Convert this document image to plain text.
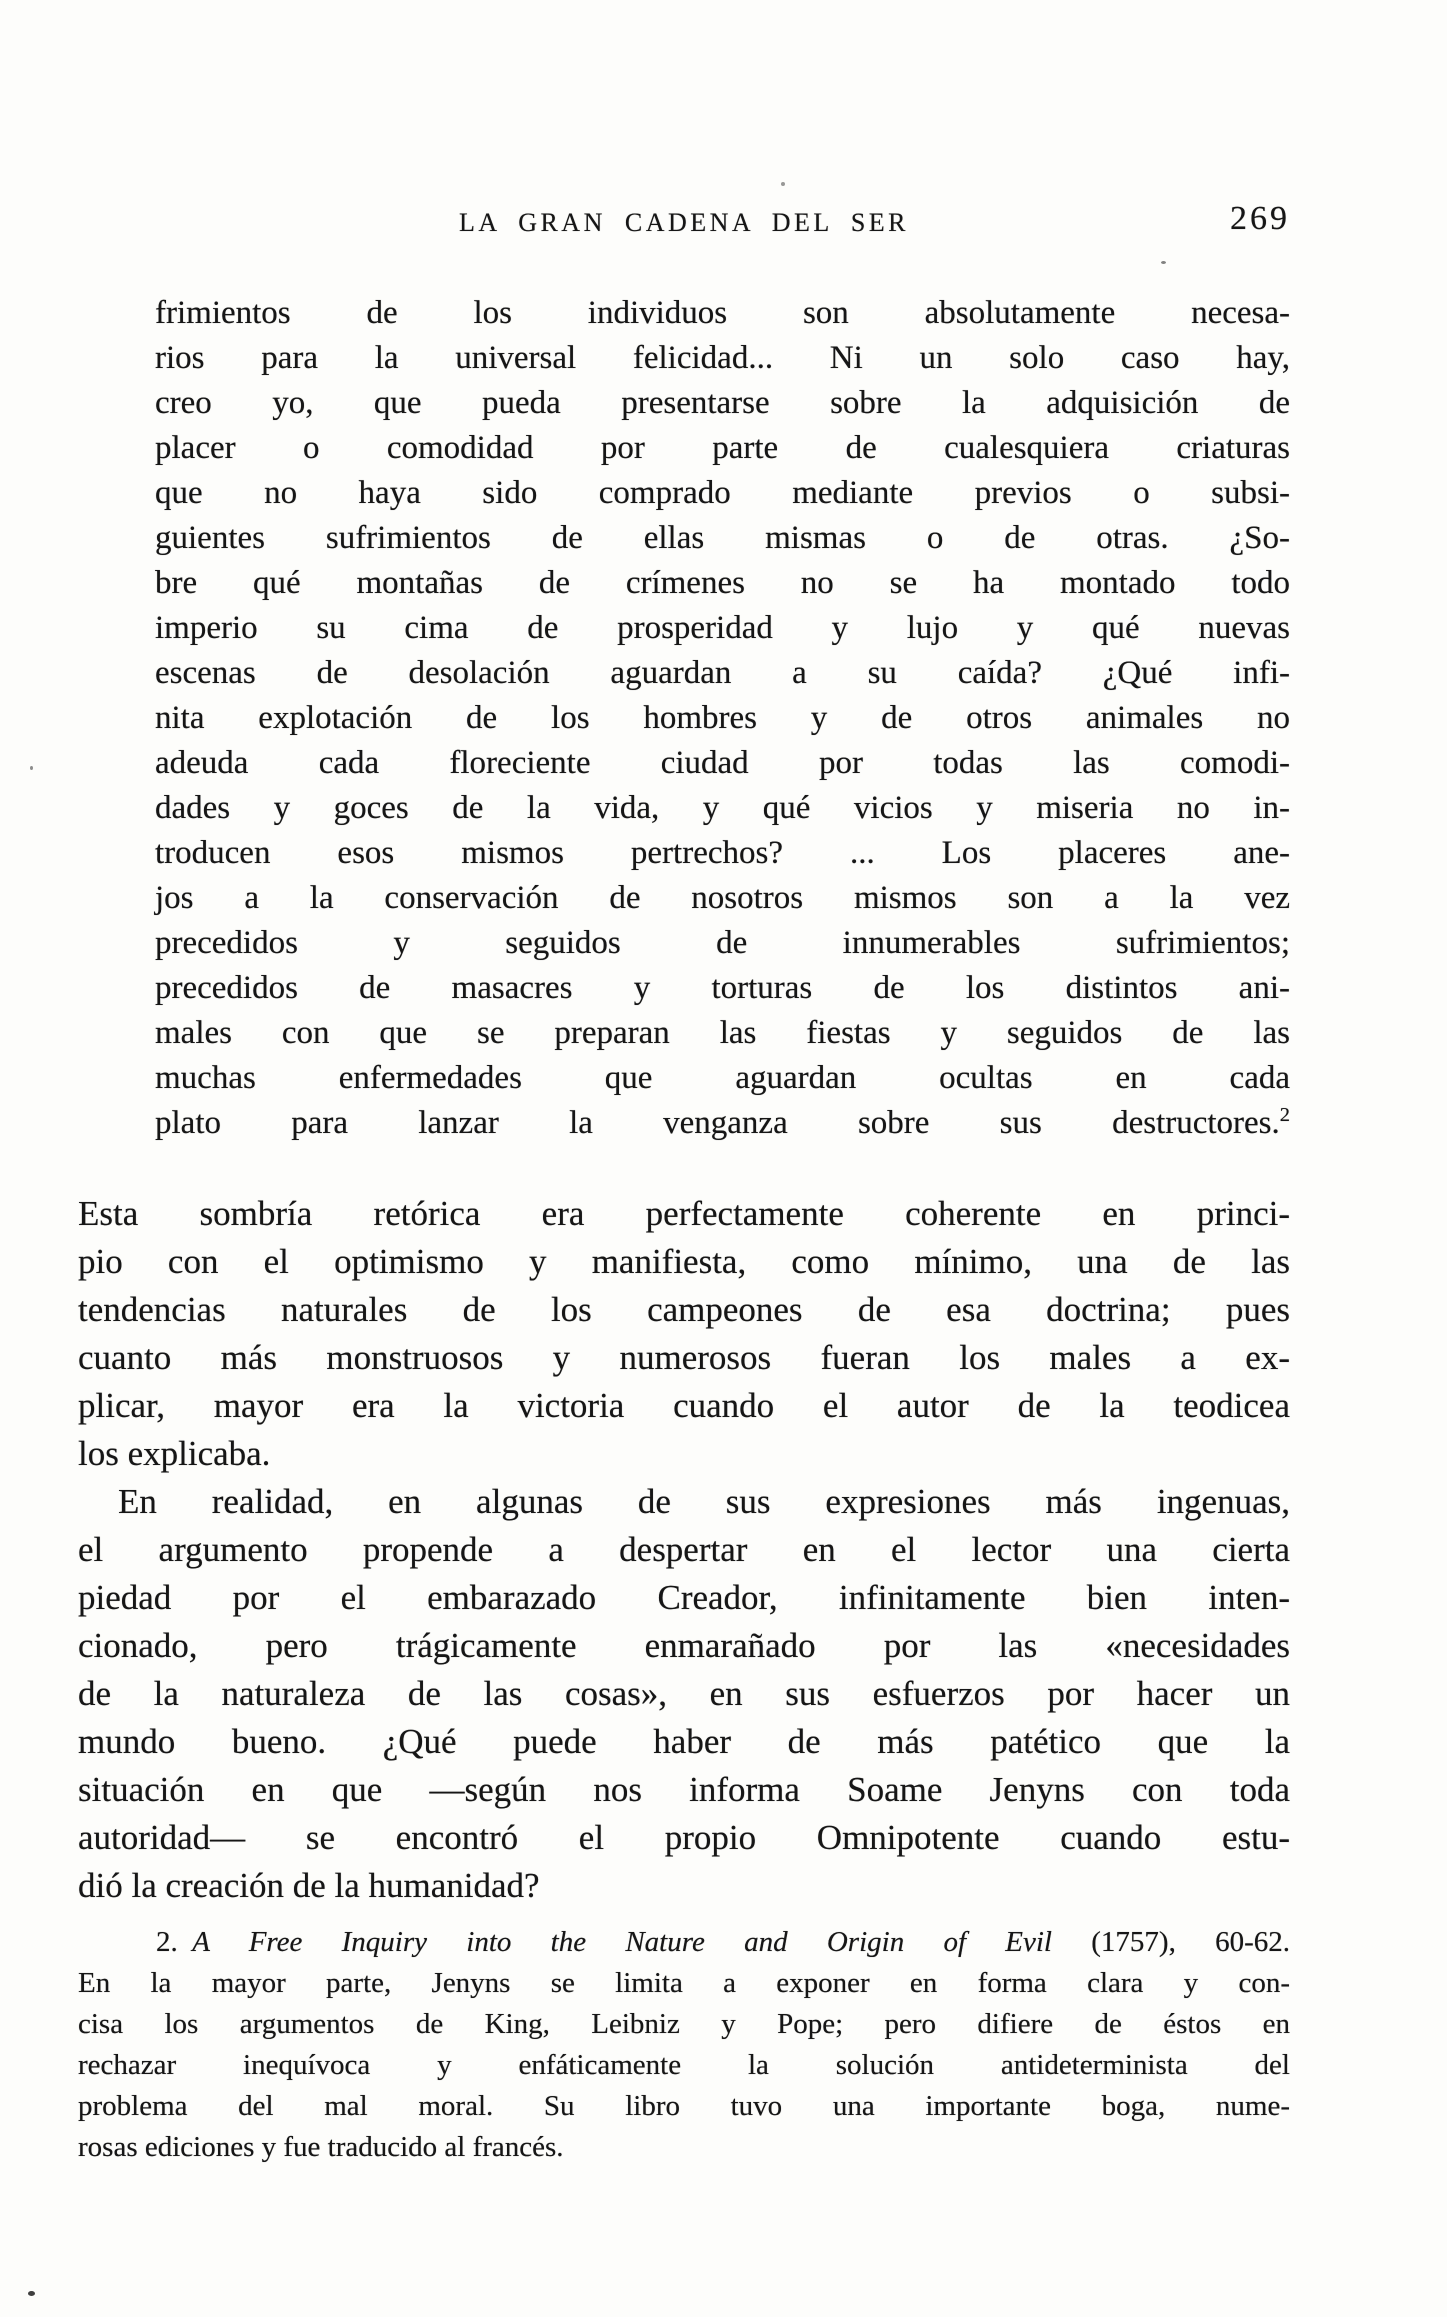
LA GRAN CADENA DEL SER	269
frimientos de los individuos son absolutamente necesa-
rios para la universal felicidad... Ni un solo caso hay,
creo yo, que pueda presentarse sobre la adquisición de
placer o comodidad por parte de cualesquiera criaturas
que no haya sido comprado mediante previos o subsi-
guientes sufrimientos de ellas mismas o de otras. ¿So-
bre qué montañas de crímenes no se ha montado todo
imperio su cima de prosperidad y lujo y qué nuevas
escenas de desolación aguardan a su caída? ¿Qué infi-
nita explotación de los hombres y de otros animales no
adeuda cada floreciente ciudad por todas las comodi-
dades y goces de la vida, y qué vicios y miseria no in-
troducen esos mismos pertrechos? ... Los placeres ane-
jos a la conservación de nosotros mismos son a la vez
precedidos y seguidos de innumerables sufrimientos;
precedidos de masacres y torturas de los distintos ani-
males con que se preparan las fiestas y seguidos de las
muchas enfermedades que aguardan ocultas en cada
plato para lanzar la venganza sobre sus destructores.$^2$
Esta sombría retórica era perfectamente coherente en princi-
pio con el optimismo y manifiesta, como mínimo, una de las
tendencias naturales de los campeones de esa doctrina; pues
cuanto más monstruosos y numerosos fueran los males a ex-
plicar, mayor era la victoria cuando el autor de la teodicea
los explicaba.
En realidad, en algunas de sus expresiones más ingenuas,
el argumento propende a despertar en el lector una cierta
piedad por el embarazado Creador, infinitamente bien inten-
cionado, pero trágicamente enmarañado por las «necesidades
de la naturaleza de las cosas», en sus esfuerzos por hacer un
mundo bueno. ¿Qué puede haber de más patético que la
situación en que —según nos informa Soame Jenyns con toda
autoridad— se encontró el propio Omnipotente cuando estu-
dió la creación de la humanidad?
2. A Free Inquiry into the Nature and Origin of Evil (1757), 60-62.
En la mayor parte, Jenyns se limita a exponer en forma clara y con-
cisa los argumentos de King, Leibniz y Pope; pero difiere de éstos en
rechazar inequívoca y enfáticamente la solución antideterminista del
problema del mal moral. Su libro tuvo una importante boga, nume-
rosas ediciones y fue traducido al francés.
